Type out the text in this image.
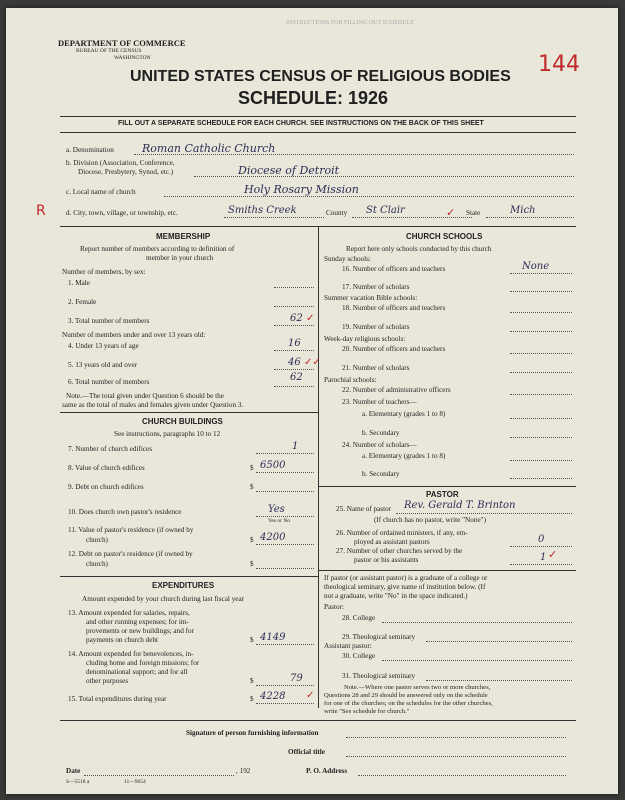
INSTRUCTIONS FOR FILLING OUT SCHEDULE
DEPARTMENT OF COMMERCE
BUREAU OF THE CENSUS
WASHINGTON	144
UNITED STATES CENSUS OF RELIGIOUS BODIES
SCHEDULE: 1926
FILL OUT A SEPARATE SCHEDULE FOR EACH CHURCH. SEE INSTRUCTIONS ON THE BACK OF THIS SHEET
a. Denomination	Roman Catholic Church
b. Division (Association, Conference,
Diocese, Presbytery, Synod, etc.)	Diocese of Detroit
c. Local name of church	Holy Rosary Mission
R	d. City, town, village, or township, etc.	Smiths Creek	County St Clair	✓ State	Mich
MEMBERSHIP
Report number of members according to definition of
member in your church
Number of members, by sex:
1. Male
2. Female
3. Total number of members	62 ✓
Number of members under and over 13 years old:
4. Under 13 years of age	16
5. 13 years old and over	46 ✓✓
6. Total number of members	62
Note.—The total given under Question 6 should be the
same as the total of males and females given under Question 3.
CHURCH BUILDINGS
See instructions, paragraphs 10 to 12
7. Number of church edifices	1
8. Value of church edifices	$ 6500
9. Debt on church edifices	$
10. Does church own pastor's residence	Yes
Yes or No
11. Value of pastor's residence (if owned by
church)	$ 4200
12. Debt on pastor's residence (if owned by
church)	$
EXPENDITURES
Amount expended by your church during last fiscal year
13. Amount expended for salaries, repairs,
and other running expenses; for im-
provements or new buildings; and for
payments on church debt	$ 4149
14. Amount expended for benevolences, in-
cluding home and foreign missions; for
denominational support; and for all
other purposes	$	79
15. Total expenditures during year	$ 4228 ✓
CHURCH SCHOOLS
Report here only schools conducted by this church
Sunday schools:
16. Number of officers and teachers	None
17. Number of scholars
Summer vacation Bible schools:
18. Number of officers and teachers
19. Number of scholars
Week-day religious schools:
20. Number of officers and teachers
21. Number of scholars
Parochial schools:
22. Number of administrative officers
23. Number of teachers—
a. Elementary (grades 1 to 8)
b. Secondary
24. Number of scholars—
a. Elementary (grades 1 to 8)
b. Secondary
PASTOR
25. Name of pastor Rev. Gerald T. Brinton
(If church has no pastor, write "None")
26. Number of ordained ministers, if any, em-
ployed as assistant pastors	0
27. Number of other churches served by the
pastor or his assistants	1 ✓
If pastor (or assistant pastor) is a graduate of a college or
theological seminary, give name of institution below. (If
not a graduate, write "No" in the space indicated.)
Pastor:
28. College
29. Theological seminary
Assistant pastor:
30. College
31. Theological seminary
Note.—Where one pastor serves two or more churches,
Questions 28 and 29 should be answered only on the schedule
for one of the churches; on the schedules for the other churches,
write "See schedule for church."
Signature of person furnishing information
Official title
Date	, 192	P. O. Address
S—5518 a	11—9054
